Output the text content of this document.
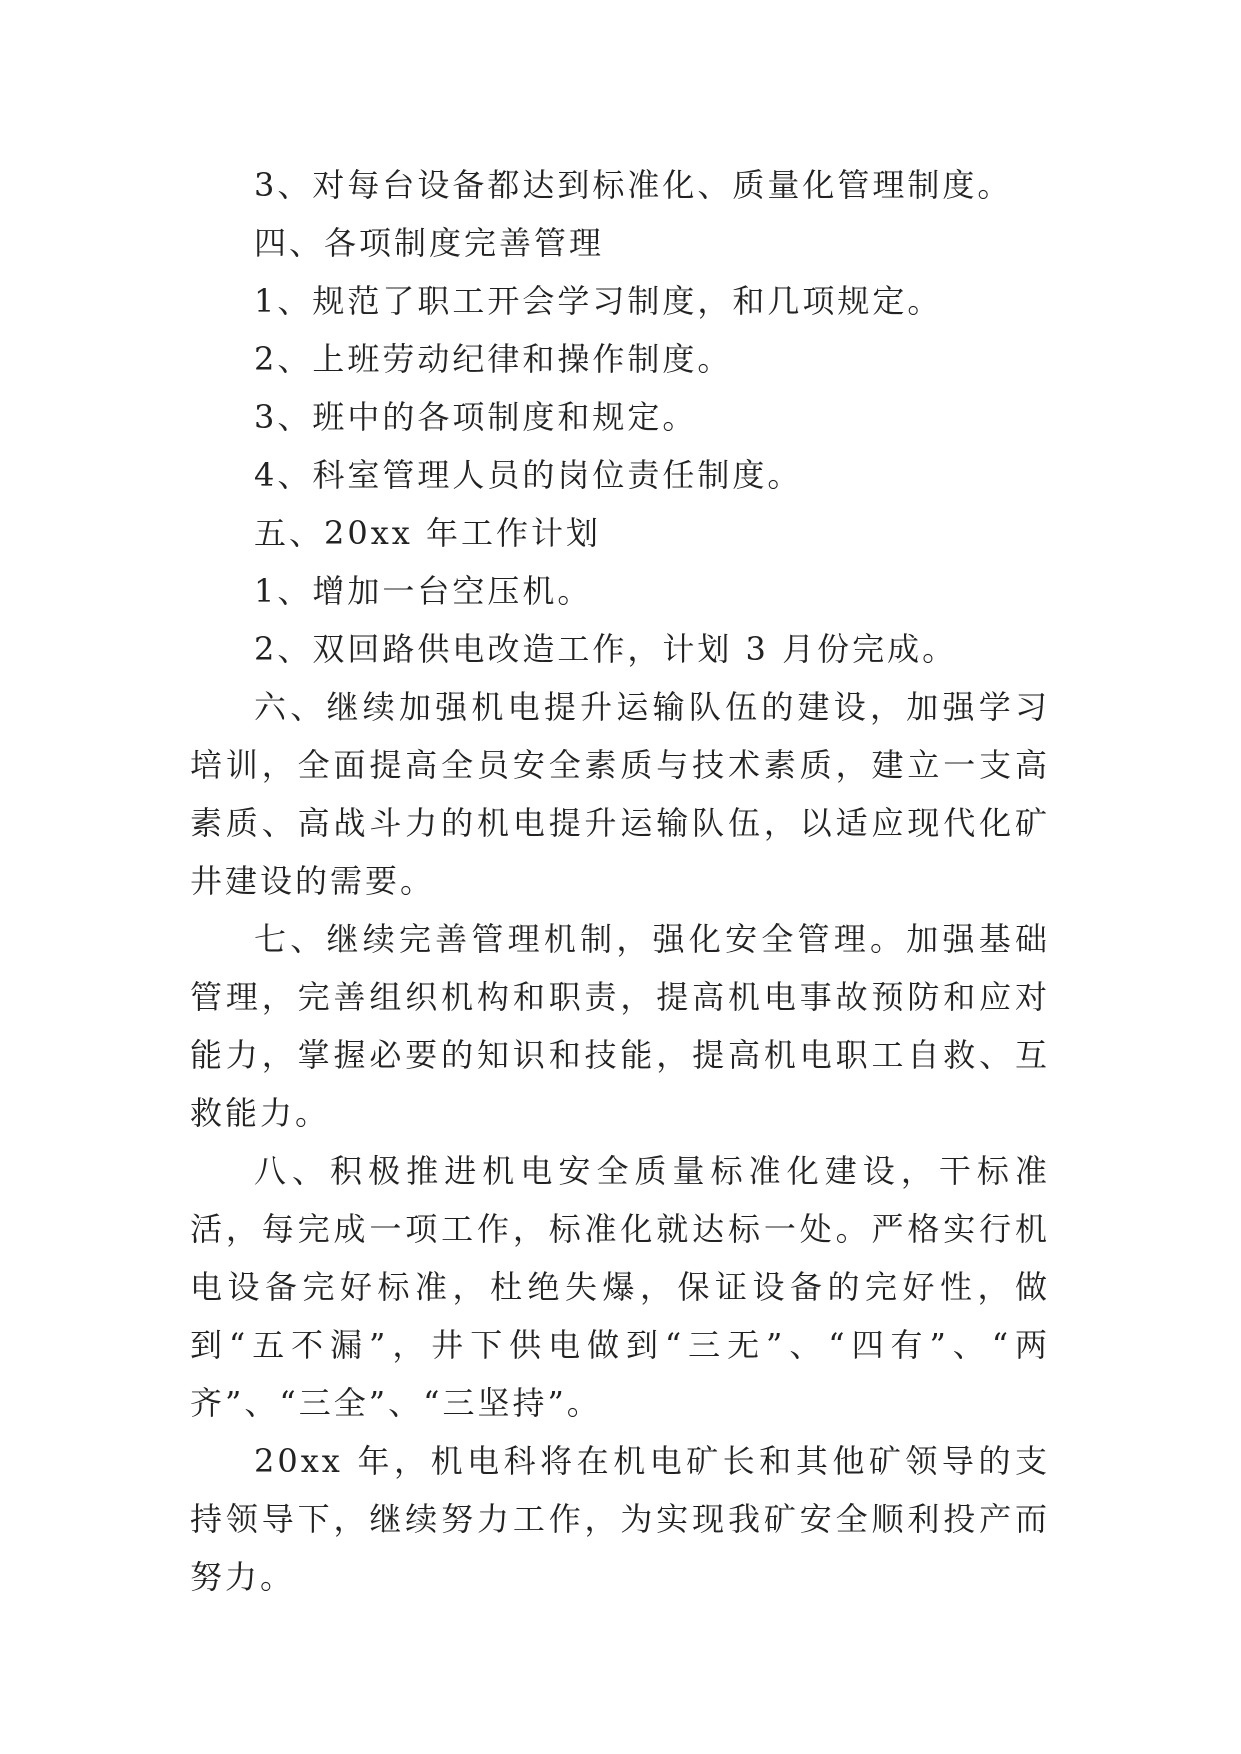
3、对每台设备都达到标准化、质量化管理制度。

四、各项制度完善管理

1、规范了职工开会学习制度，和几项规定。

2、上班劳动纪律和操作制度。

3、班中的各项制度和规定。

4、科室管理人员的岗位责任制度。

五、20xx 年工作计划

1、增加一台空压机。

2、双回路供电改造工作，计划 3 月份完成。

六、继续加强机电提升运输队伍的建设，加强学习培训，全面提高全员安全素质与技术素质，建立一支高素质、高战斗力的机电提升运输队伍，以适应现代化矿井建设的需要。

七、继续完善管理机制，强化安全管理。加强基础管理，完善组织机构和职责，提高机电事故预防和应对能力，掌握必要的知识和技能，提高机电职工自救、互救能力。

八、积极推进机电安全质量标准化建设，干标准活，每完成一项工作，标准化就达标一处。严格实行机电设备完好标准，杜绝失爆，保证设备的完好性，做到“五不漏”，井下供电做到“三无”、“四有”、“两齐”、“三全”、“三坚持”。

20xx 年，机电科将在机电矿长和其他矿领导的支持领导下，继续努力工作，为实现我矿安全顺利投产而努力。
